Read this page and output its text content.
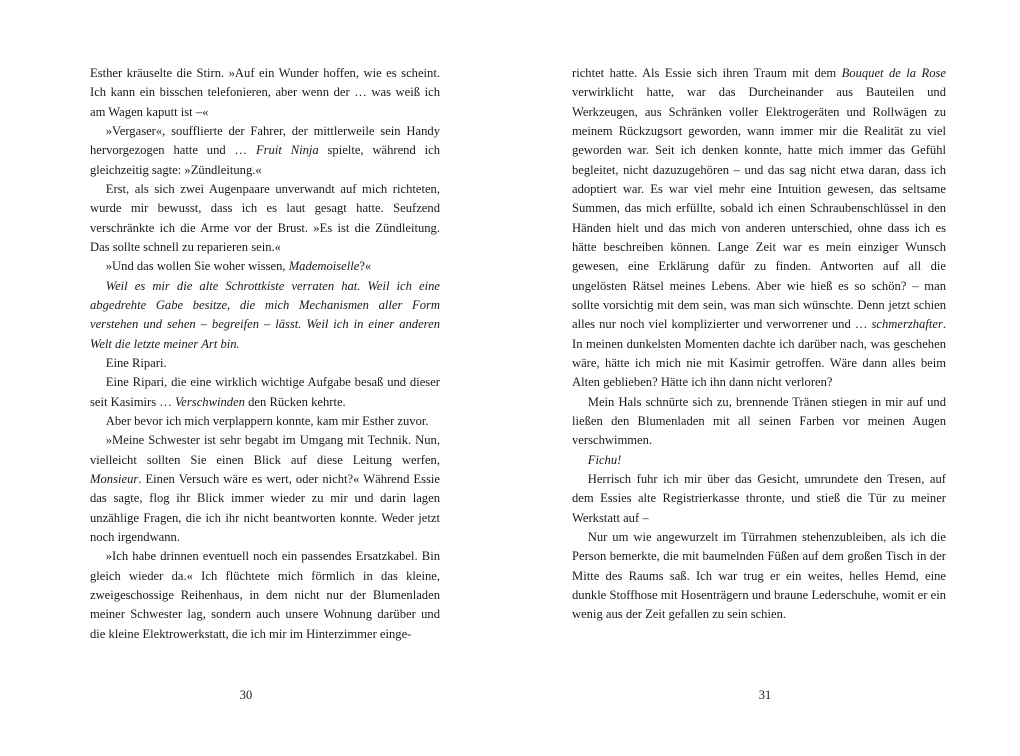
Esther kräuselte die Stirn. »Auf ein Wunder hoffen, wie es scheint. Ich kann ein bisschen telefonieren, aber wenn der … was weiß ich am Wagen kaputt ist –«

»Vergaser«, soufflierte der Fahrer, der mittlerweile sein Handy hervorgezogen hatte und … Fruit Ninja spielte, während ich gleichzeitig sagte: »Zündleitung.«

Erst, als sich zwei Augenpaare unverwandt auf mich richteten, wurde mir bewusst, dass ich es laut gesagt hatte. Seufzend verschränkte ich die Arme vor der Brust. »Es ist die Zündleitung. Das sollte schnell zu reparieren sein.«

»Und das wollen Sie woher wissen, Mademoiselle?«

Weil es mir die alte Schrottkiste verraten hat. Weil ich eine abgedrehte Gabe besitze, die mich Mechanismen aller Form verstehen und sehen – begreifen – lässt. Weil ich in einer anderen Welt die letzte meiner Art bin.

Eine Ripari.

Eine Ripari, die eine wirklich wichtige Aufgabe besaß und dieser seit Kasimirs … Verschwinden den Rücken kehrte.

Aber bevor ich mich verplappern konnte, kam mir Esther zuvor.

»Meine Schwester ist sehr begabt im Umgang mit Technik. Nun, vielleicht sollten Sie einen Blick auf diese Leitung werfen, Monsieur. Einen Versuch wäre es wert, oder nicht?« Während Essie das sagte, flog ihr Blick immer wieder zu mir und darin lagen unzählige Fragen, die ich ihr nicht beantworten konnte. Weder jetzt noch irgendwann.

»Ich habe drinnen eventuell noch ein passendes Ersatzkabel. Bin gleich wieder da.« Ich flüchtete mich förmlich in das kleine, zweigeschossige Reihenhaus, in dem nicht nur der Blumenladen meiner Schwester lag, sondern auch unsere Wohnung darüber und die kleine Elektrowerkstatt, die ich mir im Hinterzimmer einge-

30

richtet hatte. Als Essie sich ihren Traum mit dem Bouquet de la Rose verwirklicht hatte, war das Durcheinander aus Bauteilen und Werkzeugen, aus Schränken voller Elektrogeräten und Rollwägen zu meinem Rückzugsort geworden, wann immer mir die Realität zu viel geworden war. Seit ich denken konnte, hatte mich immer das Gefühl begleitet, nicht dazuzugehören – und das sag nicht etwa daran, dass ich adoptiert war. Es war viel mehr eine Intuition gewesen, das seltsame Summen, das mich erfüllte, sobald ich einen Schraubenschlüssel in den Händen hielt und das mich von anderen unterschied, ohne dass ich es hätte beschreiben können. Lange Zeit war es mein einziger Wunsch gewesen, eine Erklärung dafür zu finden. Antworten auf all die ungelösten Rätsel meines Lebens. Aber wie hieß es so schön? – man sollte vorsichtig mit dem sein, was man sich wünschte. Denn jetzt schien alles nur noch viel komplizierter und verworrener und … schmerzhafter. In meinen dunkelsten Momenten dachte ich darüber nach, was geschehen wäre, hätte ich mich nie mit Kasimir getroffen. Wäre dann alles beim Alten geblieben? Hätte ich ihn dann nicht verloren?

Mein Hals schnürte sich zu, brennende Tränen stiegen in mir auf und ließen den Blumenladen mit all seinen Farben vor meinen Augen verschwimmen.

Fichu!

Herrisch fuhr ich mir über das Gesicht, umrundete den Tresen, auf dem Essies alte Registrierkasse thronte, und stieß die Tür zu meiner Werkstatt auf –

Nur um wie angewurzelt im Türrahmen stehenzubleiben, als ich die Person bemerkte, die mit baumelnden Füßen auf dem großen Tisch in der Mitte des Raums saß. Ich war trug er ein weites, helles Hemd, eine dunkle Stoffhose mit Hosenträgern und braune Lederschuhe, womit er ein wenig aus der Zeit gefallen zu sein schien.

31
